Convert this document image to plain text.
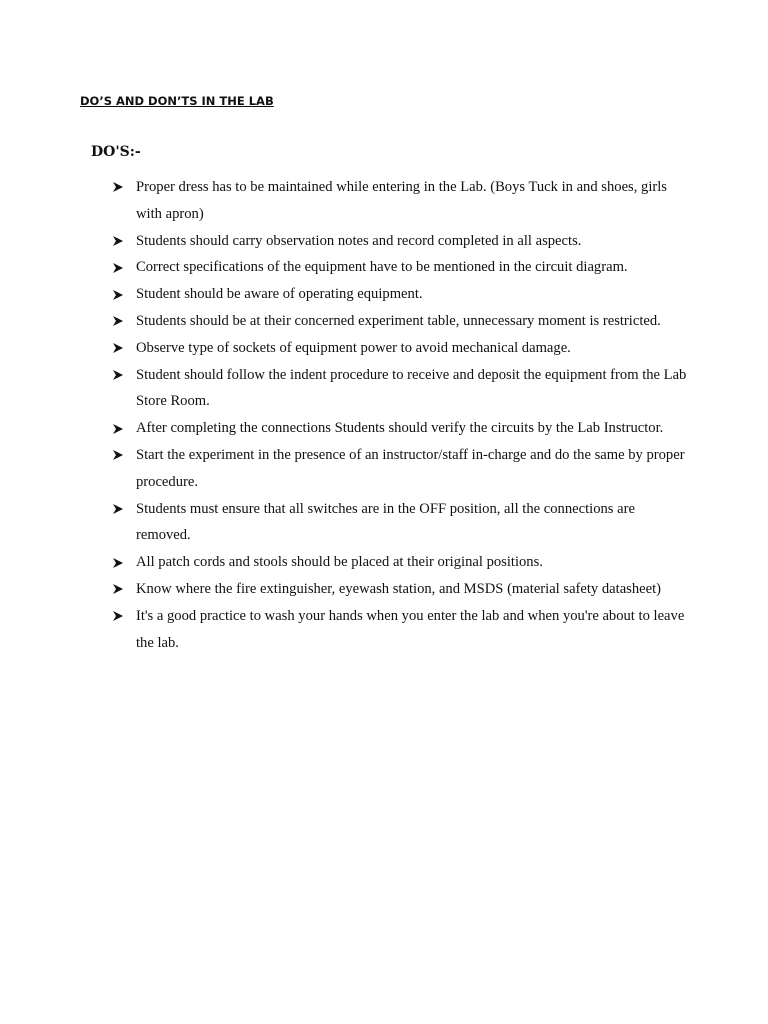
DO’S AND DON’TS IN THE LAB
DO'S:-
Proper dress has to be maintained while entering in the Lab. (Boys Tuck in and shoes, girls with apron)
Students should carry observation notes and record completed in all aspects.
Correct specifications of the equipment have to be mentioned in the circuit diagram.
Student should be aware of operating equipment.
Students should be at their concerned experiment table, unnecessary moment is restricted.
Observe type of sockets of equipment power to avoid mechanical damage.
Student should follow the indent procedure to receive and deposit the equipment from the Lab Store Room.
After completing the connections Students should verify the circuits by the Lab Instructor.
Start the experiment in the presence of an instructor/staff in-charge and do the same by proper procedure.
Students must ensure that all switches are in the OFF position, all the connections are removed.
All patch cords and stools should be placed at their original positions.
Know where the fire extinguisher, eyewash station, and MSDS (material safety datasheet)
It's a good practice to wash your hands when you enter the lab and when you're about to leave the lab.
